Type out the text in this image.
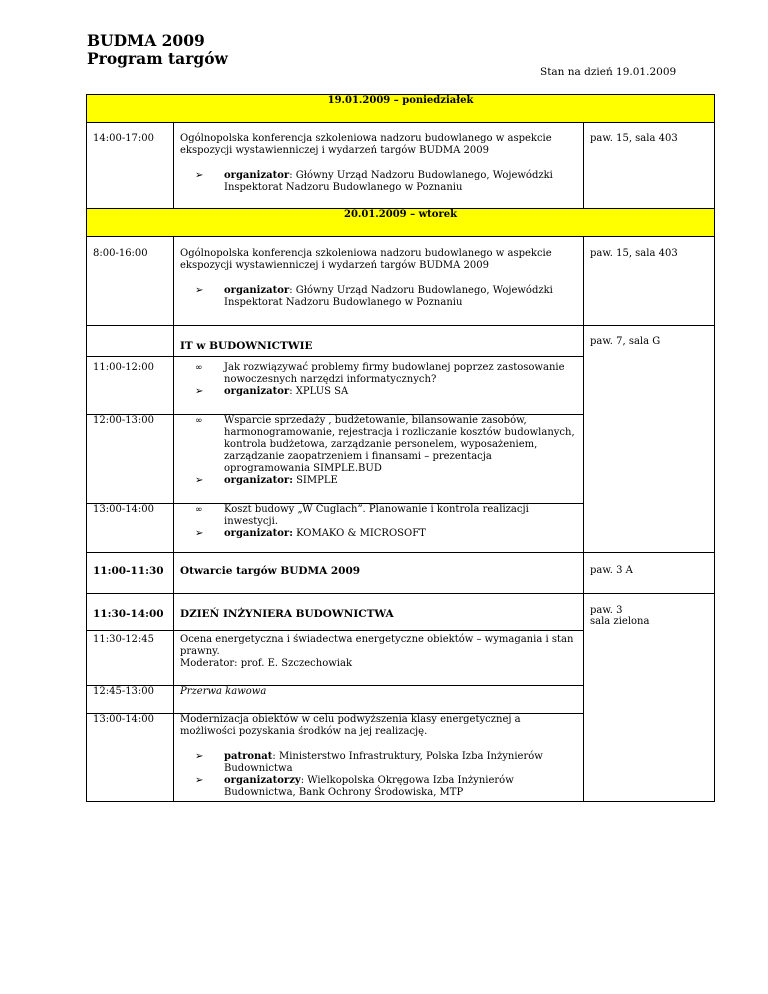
BUDMA 2009
Program targów
Stan na dzień 19.01.2009
19.01.2009 – poniedziałek		
14:00-17:00	Ogólnopolska konferencja szkoleniowa nadzoru budowlanego w aspekcie ekspozycji wystawienniczej i wydarzeń targów BUDMA 2009
➢ organizator: Główny Urząd Nadzoru Budowlanego, Wojewódzki Inspektorat Nadzoru Budowlanego w Poznaniu	paw. 15, sala 403
20.01.2009 – wtorek		
8:00-16:00	Ogólnopolska konferencja szkoleniowa nadzoru budowlanego w aspekcie ekspozycji wystawienniczej i wydarzeń targów BUDMA 2009
➢ organizator: Główny Urząd Nadzoru Budowlanego, Wojewódzki Inspektorat Nadzoru Budowlanego w Poznaniu	paw. 15, sala 403
	IT w BUDOWNICTWIE	paw. 7, sala G
11:00-12:00	∞ Jak rozwiązywać problemy firmy budowlanej poprzez zastosowanie nowoczesnych narzędzi informatycznych?
➢ organizator: XPLUS SA	

12:00-13:00	∞ Wsparcie sprzedaży , budżetowanie, bilansowanie zasobów, harmonogramowanie, rejestracja i rozliczanie kosztów budowlanych, kontrola budżetowa, zarządzanie personelem, wyposażeniem, zarządzanie zaopatrzeniem i finansami – prezentacja oprogramowania SIMPLE.BUD
➢ organizator: SIMPLE	

13:00-14:00	∞ Koszt budowy „W Cuglach”. Planowanie i kontrola realizacji inwestycji.
➢ organizator: KOMAKO & MICROSOFT	

11:00-11:30	Otwarcie targów BUDMA 2009	paw. 3 A
11:30-14:00	DZIEŃ INŻYNIERA BUDOWNICTWA	paw. 3
sala zielona

11:30-12:45	Ocena energetyczna i świadectwa energetyczne obiektów – wymagania i stan prawny.
Moderator: prof. E. Szczechowiak	

12:45-13:00	Przerwa kawowa	
13:00-14:00	Modernizacja obiektów w celu podwyższenia klasy energetycznej a możliwości pozyskania środków na jej realizację.
➢ patronat: Ministerstwo Infrastruktury, Polska Izba Inżynierów Budownictwa
➢ organizatorzy: Wielkopolska Okręgowa Izba Inżynierów Budownictwa, Bank Ochrony Środowiska, MTP	
